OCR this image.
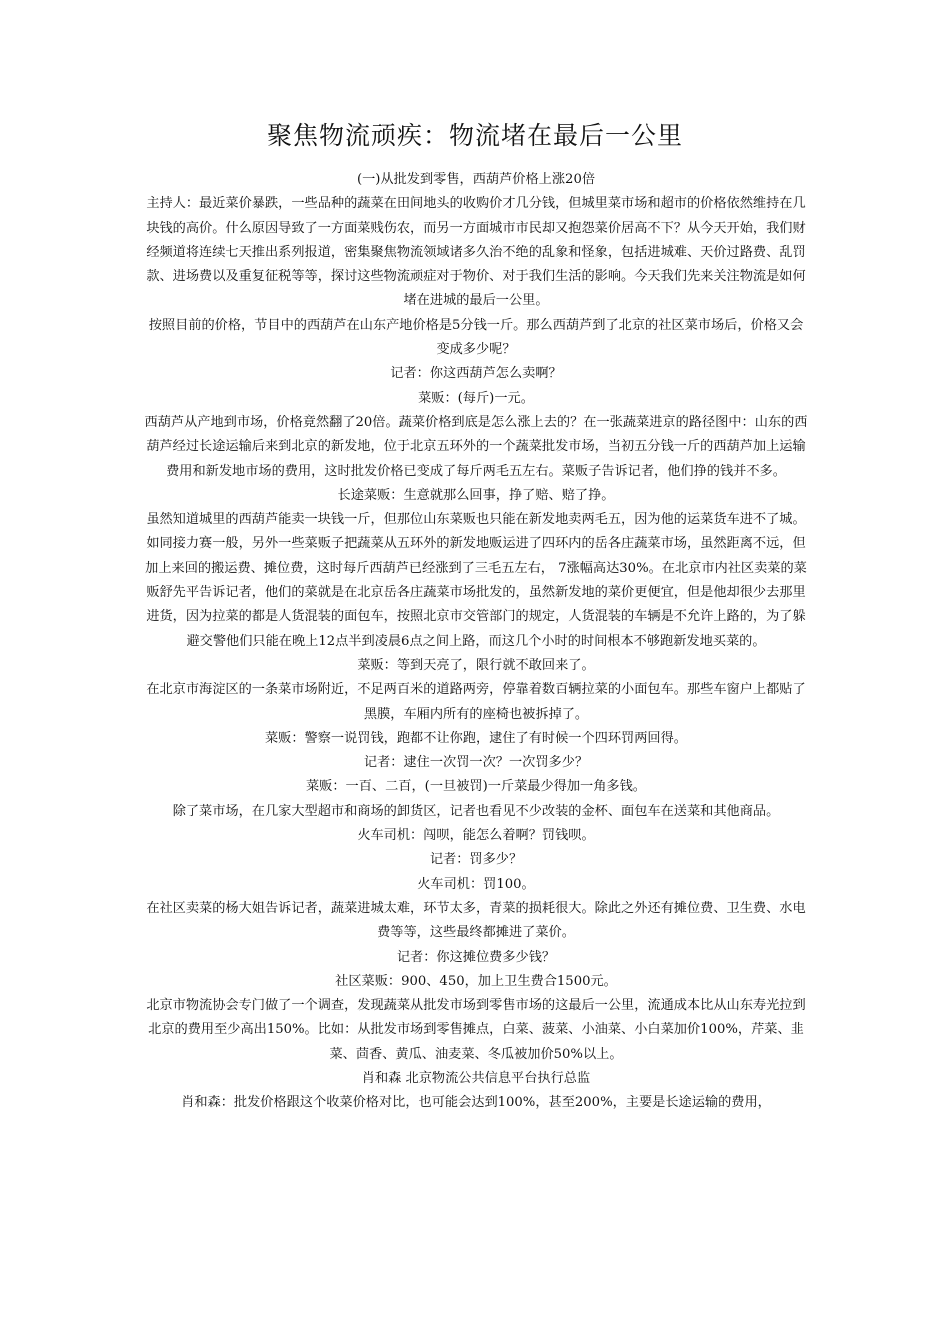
聚焦物流顽疾：物流堵在最后一公里

(一)从批发到零售，西葫芦价格上涨20倍

主持人：最近菜价暴跌，一些品种的蔬菜在田间地头的收购价才几分钱，但城里菜市场和超市的价格依然维持在几块钱的高价。什么原因导致了一方面菜贱伤农，而另一方面城市市民却又抱怨菜价居高不下？从今天开始，我们财经频道将连续七天推出系列报道，密集聚焦物流领域诸多久治不绝的乱象和怪象，包括进城难、天价过路费、乱罚款、进场费以及重复征税等等，探讨这些物流顽症对于物价、对于我们生活的影响。今天我们先来关注物流是如何堵在进城的最后一公里。

按照目前的价格，节目中的西葫芦在山东产地价格是5分钱一斤。那么西葫芦到了北京的社区菜市场后，价格又会变成多少呢？

记者：你这西葫芦怎么卖啊？

菜贩：(每斤)一元。

西葫芦从产地到市场，价格竟然翻了20倍。蔬菜价格到底是怎么涨上去的？在一张蔬菜进京的路径图中：山东的西葫芦经过长途运输后来到北京的新发地，位于北京五环外的一个蔬菜批发市场，当初五分钱一斤的西葫芦加上运输费用和新发地市场的费用，这时批发价格已变成了每斤两毛五左右。菜贩子告诉记者，他们挣的钱并不多。

长途菜贩：生意就那么回事，挣了赔、赔了挣。

虽然知道城里的西葫芦能卖一块钱一斤，但那位山东菜贩也只能在新发地卖两毛五，因为他的运菜货车进不了城。如同接力赛一般，另外一些菜贩子把蔬菜从五环外的新发地贩运进了四环内的岳各庄蔬菜市场，虽然距离不远，但加上来回的搬运费、摊位费，这时每斤西葫芦已经涨到了三毛五左右， 7涨幅高达30%。在北京市内社区卖菜的菜贩舒先平告诉记者，他们的菜就是在北京岳各庄蔬菜市场批发的，虽然新发地的菜价更便宜，但是他却很少去那里进货，因为拉菜的都是人货混装的面包车，按照北京市交管部门的规定，人货混装的车辆是不允许上路的，为了躲避交警他们只能在晚上12点半到凌晨6点之间上路，而这几个小时的时间根本不够跑新发地买菜的。

菜贩：等到天亮了，限行就不敢回来了。

在北京市海淀区的一条菜市场附近，不足两百米的道路两旁，停靠着数百辆拉菜的小面包车。那些车窗户上都贴了黑膜，车厢内所有的座椅也被拆掉了。

菜贩：警察一说罚钱，跑都不让你跑，逮住了有时候一个四环罚两回得。

记者：逮住一次罚一次？一次罚多少？

菜贩：一百、二百，(一旦被罚)一斤菜最少得加一角多钱。

除了菜市场，在几家大型超市和商场的卸货区，记者也看见不少改装的金杯、面包车在送菜和其他商品。

火车司机：闯呗，能怎么着啊？罚钱呗。

记者：罚多少？

火车司机：罚100。

在社区卖菜的杨大姐告诉记者，蔬菜进城太难，环节太多，青菜的损耗很大。除此之外还有摊位费、卫生费、水电费等等，这些最终都摊进了菜价。

记者：你这摊位费多少钱？

社区菜贩：900、450，加上卫生费合1500元。

北京市物流协会专门做了一个调查，发现蔬菜从批发市场到零售市场的这最后一公里，流通成本比从山东寿光拉到北京的费用至少高出150%。比如：从批发市场到零售摊点，白菜、菠菜、小油菜、小白菜加价100%，芹菜、韭菜、茴香、黄瓜、油麦菜、冬瓜被加价50%以上。

肖和森 北京物流公共信息平台执行总监

肖和森：批发价格跟这个收菜价格对比，也可能会达到100%，甚至200%，主要是长途运输的费用，
